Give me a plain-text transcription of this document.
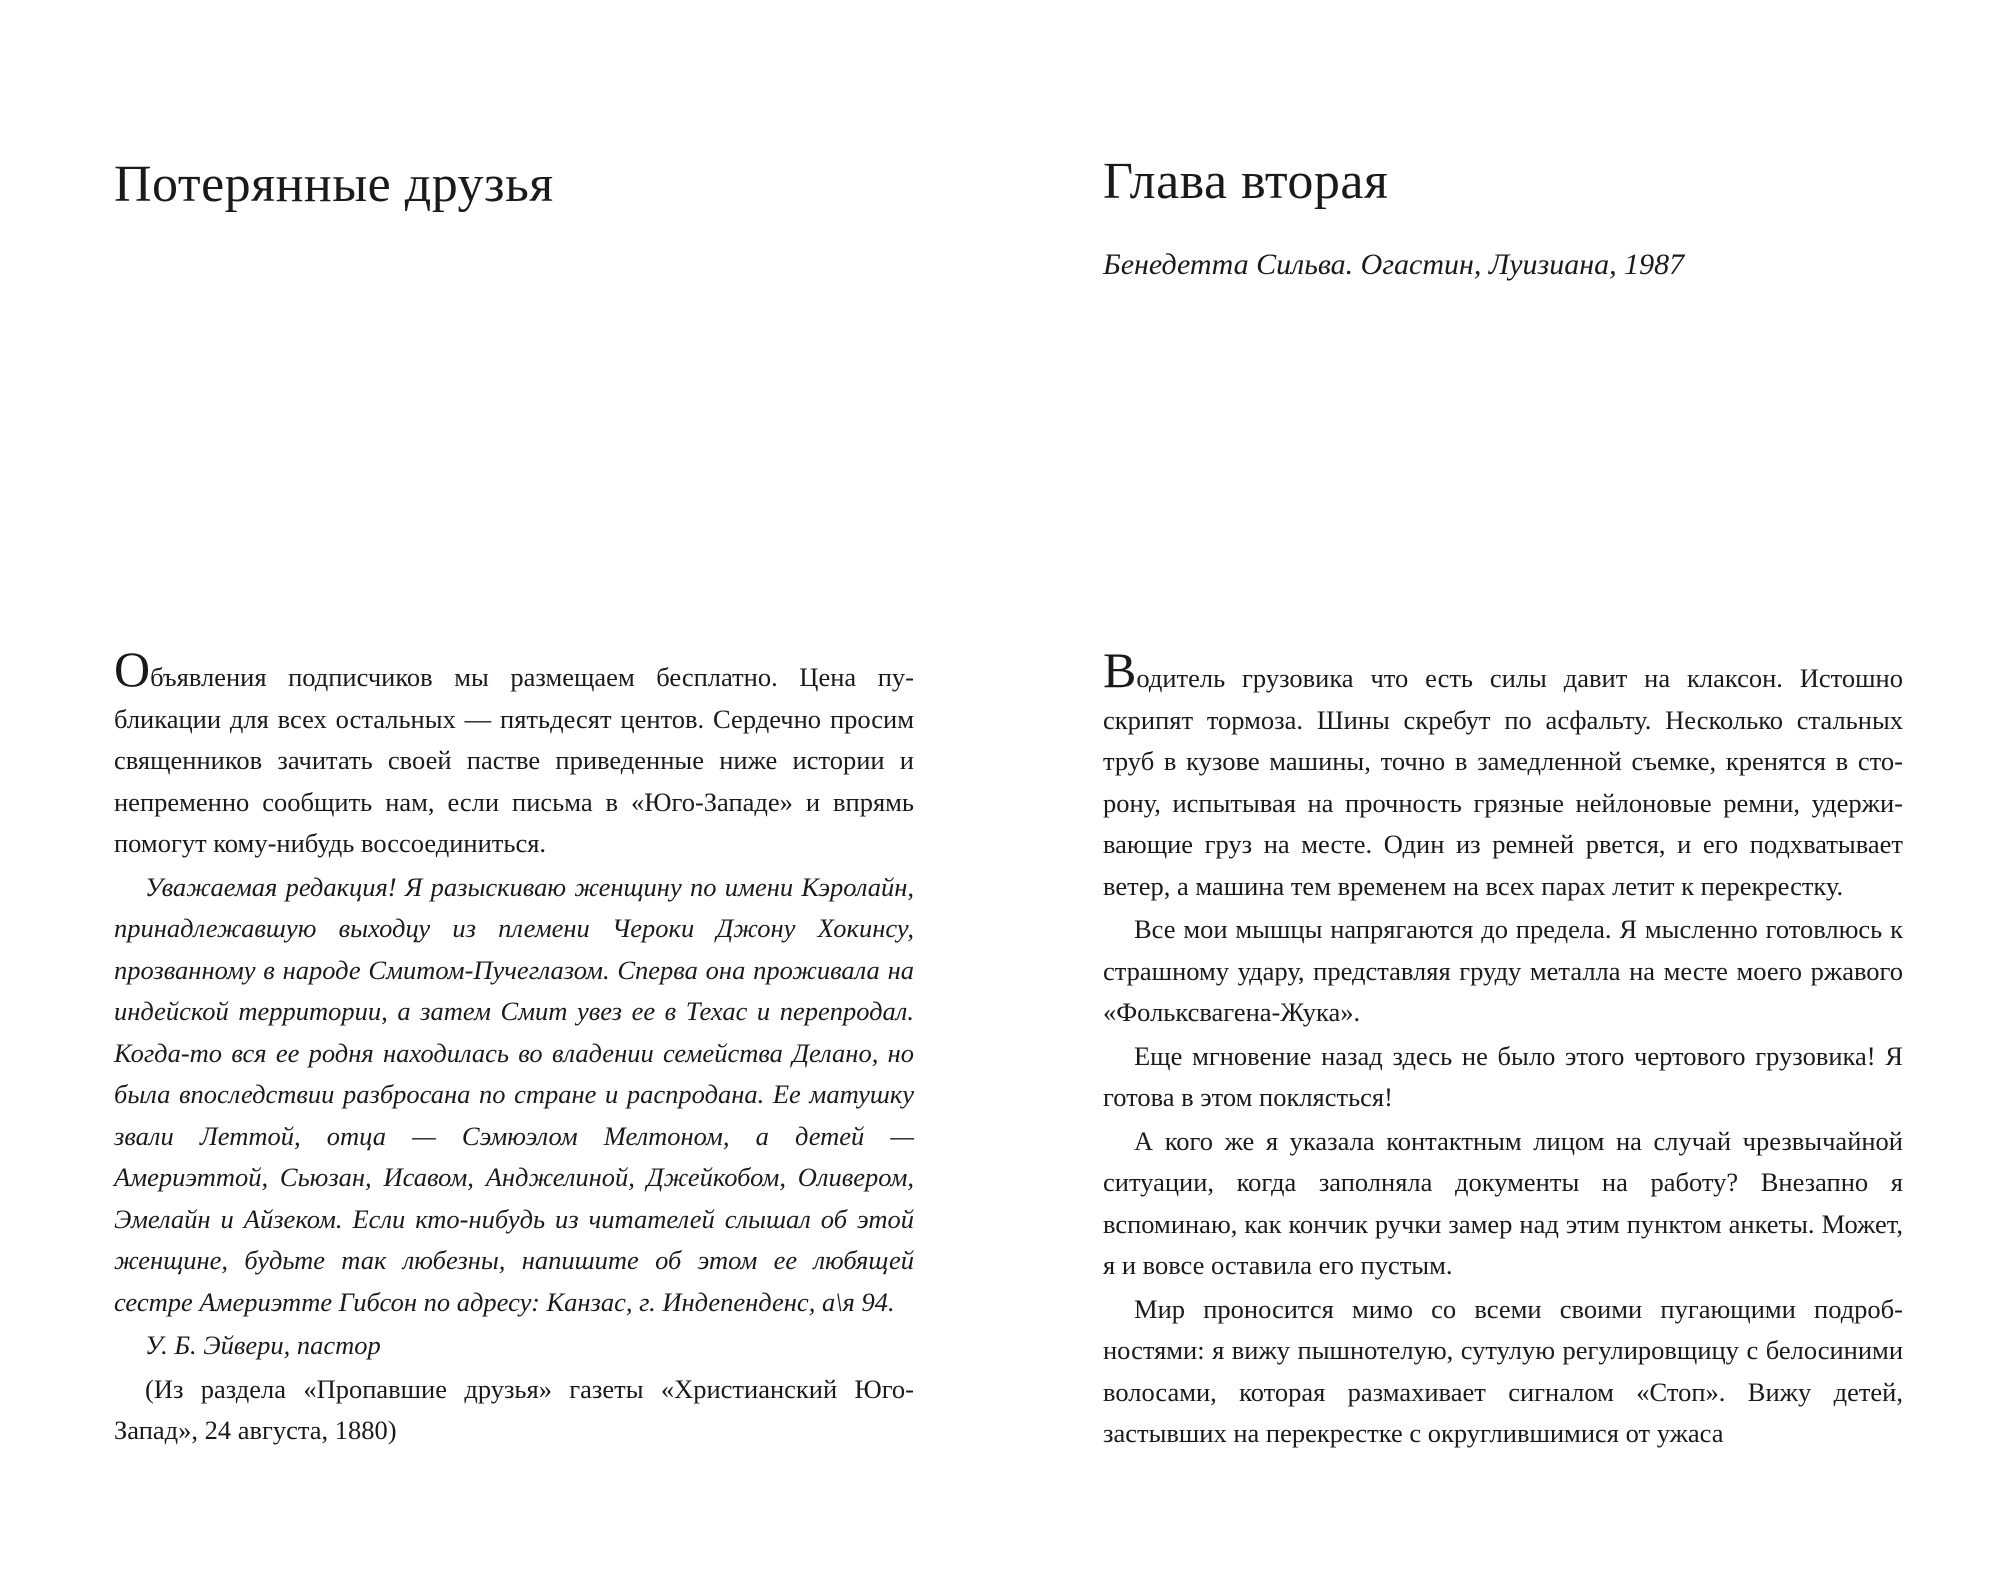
Потерянные друзья

Объявления подписчиков мы размещаем бесплатно. Цена публикации для всех остальных — пятьдесят центов. Сердечно просим священников зачитать своей пастве приведенные ниже истории и непременно сообщить нам, если письма в «Юго-Западе» и впрямь помогут кому-нибудь воссоединиться.

Уважаемая редакция! Я разыскиваю женщину по имени Кэролайн, принадлежавшую выходцу из племени Чероки Джону Хокинсу, прозванному в народе Смитом-Пучеглазом. Сперва она проживала на индейской территории, а затем Смит увез ее в Техас и перепродал. Когда-то вся ее родня находилась во владении семейства Делано, но была впоследствии разбросана по стране и распродана. Ее матушку звали Леттой, отца — Сэмюэлом Мелтоном, а детей — Америэттой, Сьюзан, Исавом, Анджелиной, Джейкобом, Оливером, Эмелайн и Айзеком. Если кто-нибудь из читателей слышал об этой женщине, будьте так любезны, напишите об этом ее любящей сестре Америэтте Гибсон по адресу: Канзас, г. Индепенденс, а\я 94.

У. Б. Эйвери, пастор

(Из раздела «Пропавшие друзья» газеты «Христианский Юго-Запад», 24 августа, 1880)

Глава вторая
Бенедетта Сильва. Огастин, Луизиана, 1987

Водитель грузовика что есть силы давит на клаксон. Истошно скрипят тормоза. Шины скребут по асфальту. Несколько стальных труб в кузове машины, точно в замедленной съемке, кренятся в сторону, испытывая на прочность грязные нейлоновые ремни, удерживающие груз на месте. Один из ремней рвется, и его подхватывает ветер, а машина тем временем на всех парах летит к перекрестку.

Все мои мышцы напрягаются до предела. Я мысленно готовлюсь к страшному удару, представляя груду металла на месте моего ржавого «Фольксвагена-Жука».

Еще мгновение назад здесь не было этого чертового грузовика! Я готова в этом поклясться!

А кого же я указала контактным лицом на случай чрезвычайной ситуации, когда заполняла документы на работу? Внезапно я вспоминаю, как кончик ручки замер над этим пунктом анкеты. Может, я и вовсе оставила его пустым.

Мир проносится мимо со всеми своими пугающими подробностями: я вижу пышнотелую, сутулую регулировщицу с белосиними волосами, которая размахивает сигналом «Стоп». Вижу детей, застывших на перекрестке с округлившимися от ужаса
